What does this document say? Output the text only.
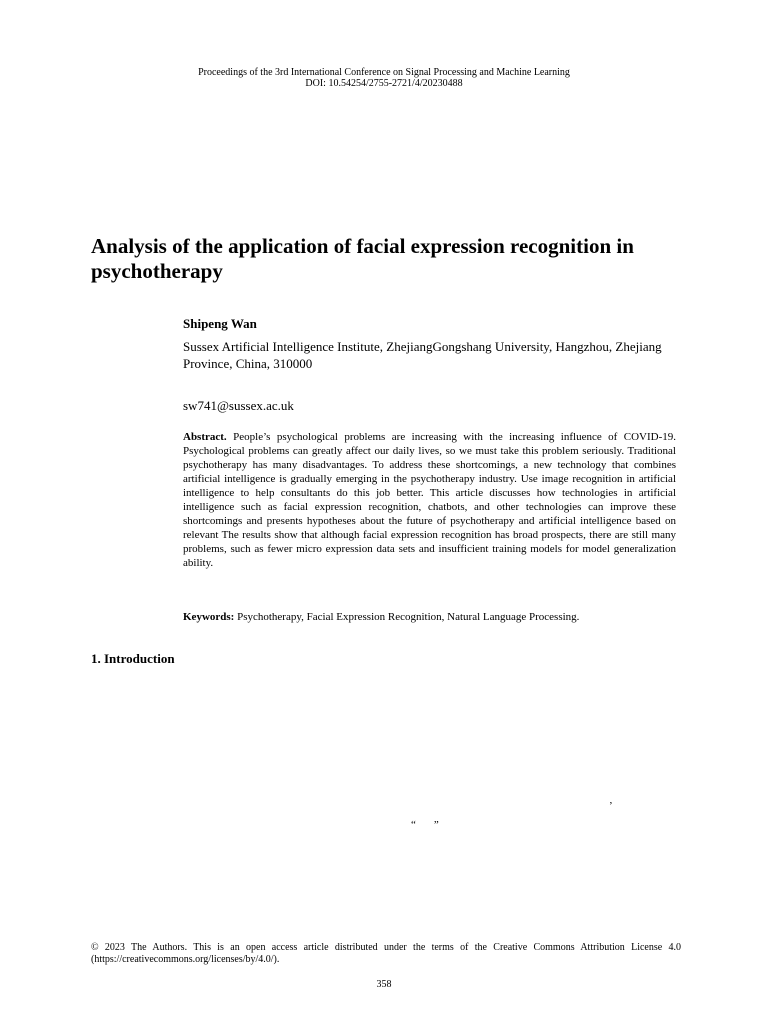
Proceedings of the 3rd International Conference on Signal Processing and Machine Learning
DOI: 10.54254/2755-2721/4/20230488
Analysis of the application of facial expression recognition in psychotherapy
Shipeng Wan
Sussex Artificial Intelligence Institute, ZhejiangGongshang University, Hangzhou, Zhejiang Province, China, 310000
sw741@sussex.ac.uk

Abstract. People’s psychological problems are increasing with the increasing influence of COVID-19. Psychological problems can greatly affect our daily lives, so we must take this problem seriously. Traditional psychotherapy has many disadvantages. To address these shortcomings, a new technology that combines artificial intelligence is gradually emerging in the psychotherapy industry. Use image recognition in artificial intelligence to help consultants do this job better. This article discusses how technologies in artificial intelligence such as facial expression recognition, chatbots, and other technologies can improve these shortcomings and presents hypotheses about the future of psychotherapy and artificial intelligence based on relevant The results show that although facial expression recognition has broad prospects, there are still many problems, such as fewer micro expression data sets and insufficient training models for model generalization ability.

Keywords: Psychotherapy, Facial Expression Recognition, Natural Language Processing.

1. Introduction
’
“ ”
© 2023 The Authors. This is an open access article distributed under the terms of the Creative Commons Attribution License 4.0 (https://creativecommons.org/licenses/by/4.0/).
358
